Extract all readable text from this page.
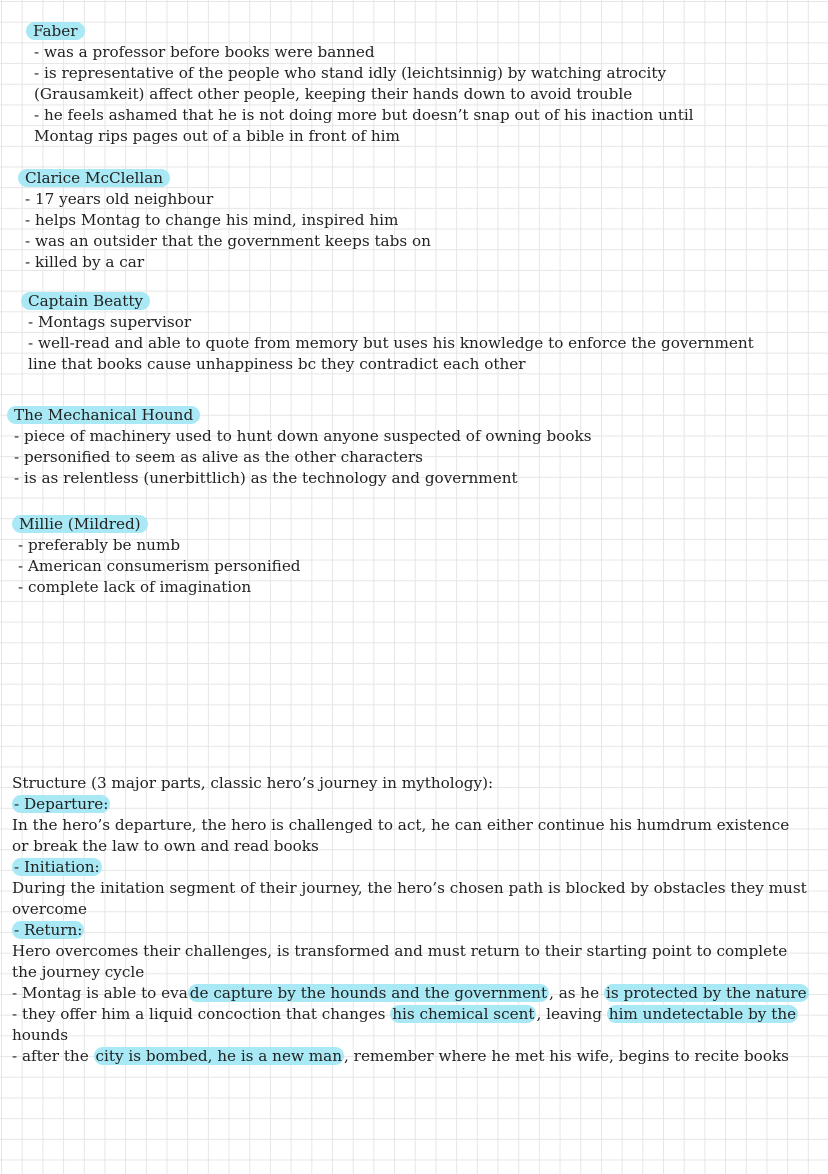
Faber
- was a professor before books were banned
- is representative of the people who stand idly (leichtsinnig) by watching atrocity
(Grausamkeit) affect other people, keeping their hands down to avoid trouble
- he feels ashamed that he is not doing more but doesn’t snap out of his inaction until
Montag rips pages out of a bible in front of him
Clarice McClellan
- 17 years old neighbour
- helps Montag to change his mind, inspired him
- was an outsider that the government keeps tabs on
- killed by a car
Captain Beatty
- Montags supervisor
- well-read and able to quote from memory but uses his knowledge to enforce the government
line that books cause unhappiness bc they contradict each other
The Mechanical Hound
- piece of machinery used to hunt down anyone suspected of owning books
- personified to seem as alive as the other characters
- is as relentless (unerbittlich) as the technology and government
Millie (Mildred)
- preferably be numb
- American consumerism personified
- complete lack of imagination
Structure (3 major parts, classic hero’s journey in mythology):
- Departure:
In the hero’s departure, the hero is challenged to act, he can either continue his humdrum existence
or break the law to own and read books
- Initiation:
During the initation segment of their journey, the hero’s chosen path is blocked by obstacles they must
overcome
- Return:
Hero overcomes their challenges, is transformed and must return to their starting point to complete
the journey cycle
- Montag is able to eva de capture by the hounds and the government , as he is protected by the nature
- they offer him a liquid concoction that changes his chemical scent , leaving him undetectable by the
hounds
- after the city is bombed, he is a new man , remember where he met his wife, begins to recite books
